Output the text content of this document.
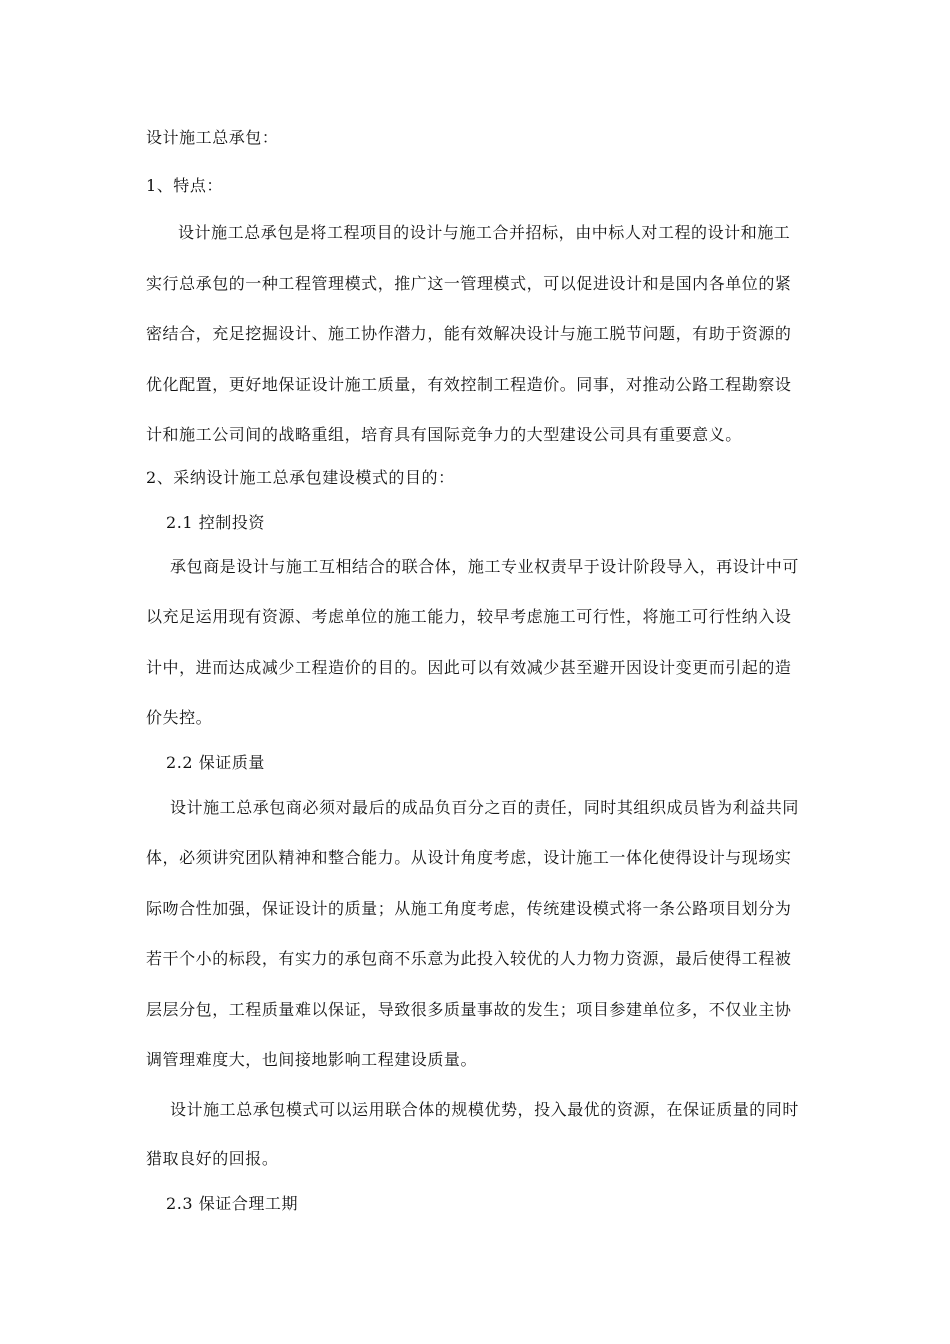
设计施工总承包：
1、特点：
设计施工总承包是将工程项目的设计与施工合并招标，由中标人对工程的设计和施工
实行总承包的一种工程管理模式，推广这一管理模式，可以促进设计和是国内各单位的紧
密结合，充足挖掘设计、施工协作潜力，能有效解决设计与施工脱节问题，有助于资源的
优化配置，更好地保证设计施工质量，有效控制工程造价。同事，对推动公路工程勘察设
计和施工公司间的战略重组，培育具有国际竞争力的大型建设公司具有重要意义。
2、采纳设计施工总承包建设模式的目的：
2.1 控制投资
承包商是设计与施工互相结合的联合体，施工专业权责早于设计阶段导入，再设计中可
以充足运用现有资源、考虑单位的施工能力，较早考虑施工可行性，将施工可行性纳入设
计中，进而达成减少工程造价的目的。因此可以有效减少甚至避开因设计变更而引起的造
价失控。
2.2 保证质量
设计施工总承包商必须对最后的成品负百分之百的责任，同时其组织成员皆为利益共同
体，必须讲究团队精神和整合能力。从设计角度考虑，设计施工一体化使得设计与现场实
际吻合性加强，保证设计的质量；从施工角度考虑，传统建设模式将一条公路项目划分为
若干个小的标段，有实力的承包商不乐意为此投入较优的人力物力资源，最后使得工程被
层层分包，工程质量难以保证，导致很多质量事故的发生；项目参建单位多，不仅业主协
调管理难度大，也间接地影响工程建设质量。
设计施工总承包模式可以运用联合体的规模优势，投入最优的资源，在保证质量的同时
猎取良好的回报。
2.3 保证合理工期
